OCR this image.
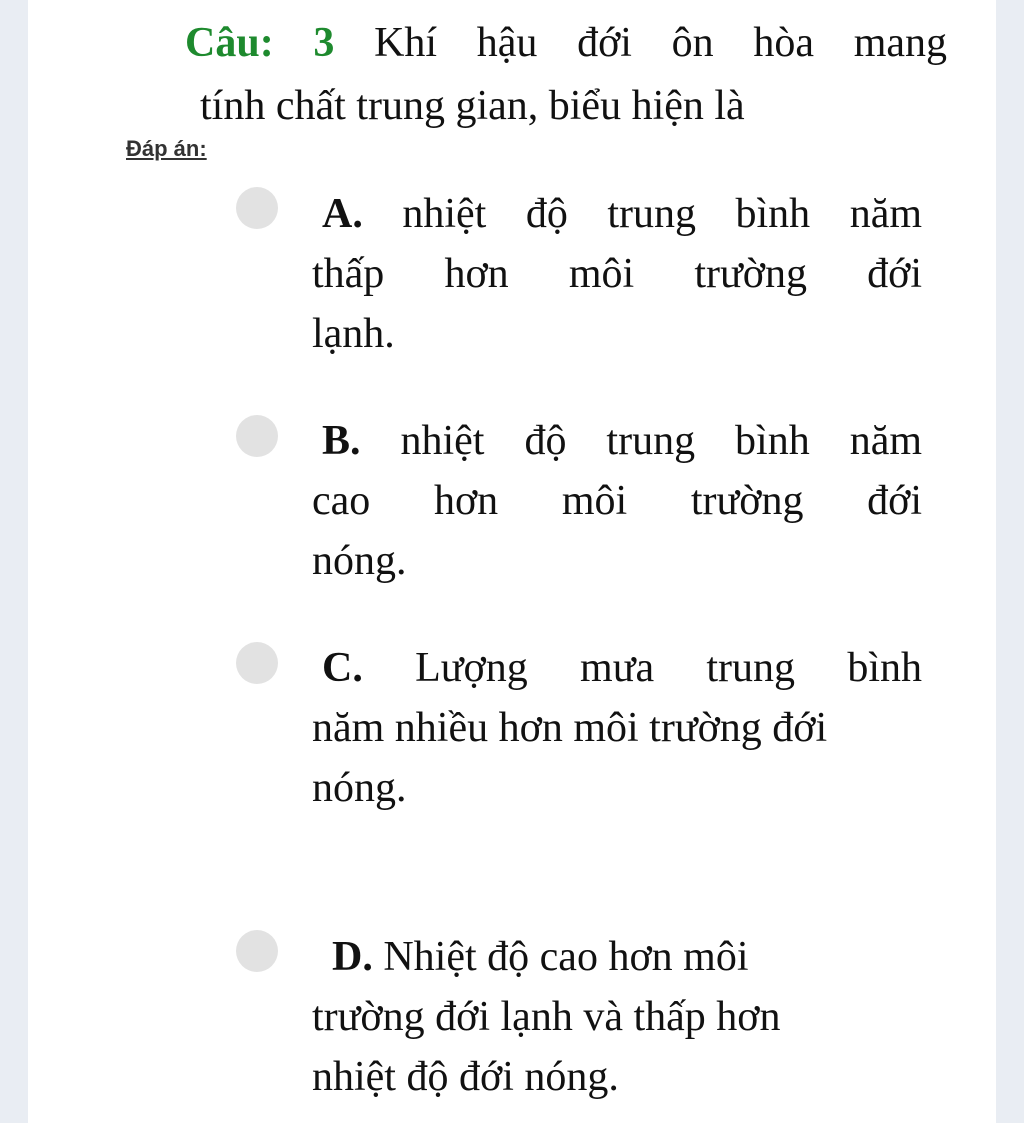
Câu: 3 Khí hậu đới ôn hòa mang
tính chất trung gian, biểu hiện là
Đáp án:
A. nhiệt độ trung bình năm
thấp hơn môi trường đới
lạnh.
B. nhiệt độ trung bình năm
cao hơn môi trường đới
nóng.
C. Lượng mưa trung bình
năm nhiều hơn môi trường đới
nóng.
D. Nhiệt độ cao hơn môi
trường đới lạnh và thấp hơn
nhiệt độ đới nóng.
